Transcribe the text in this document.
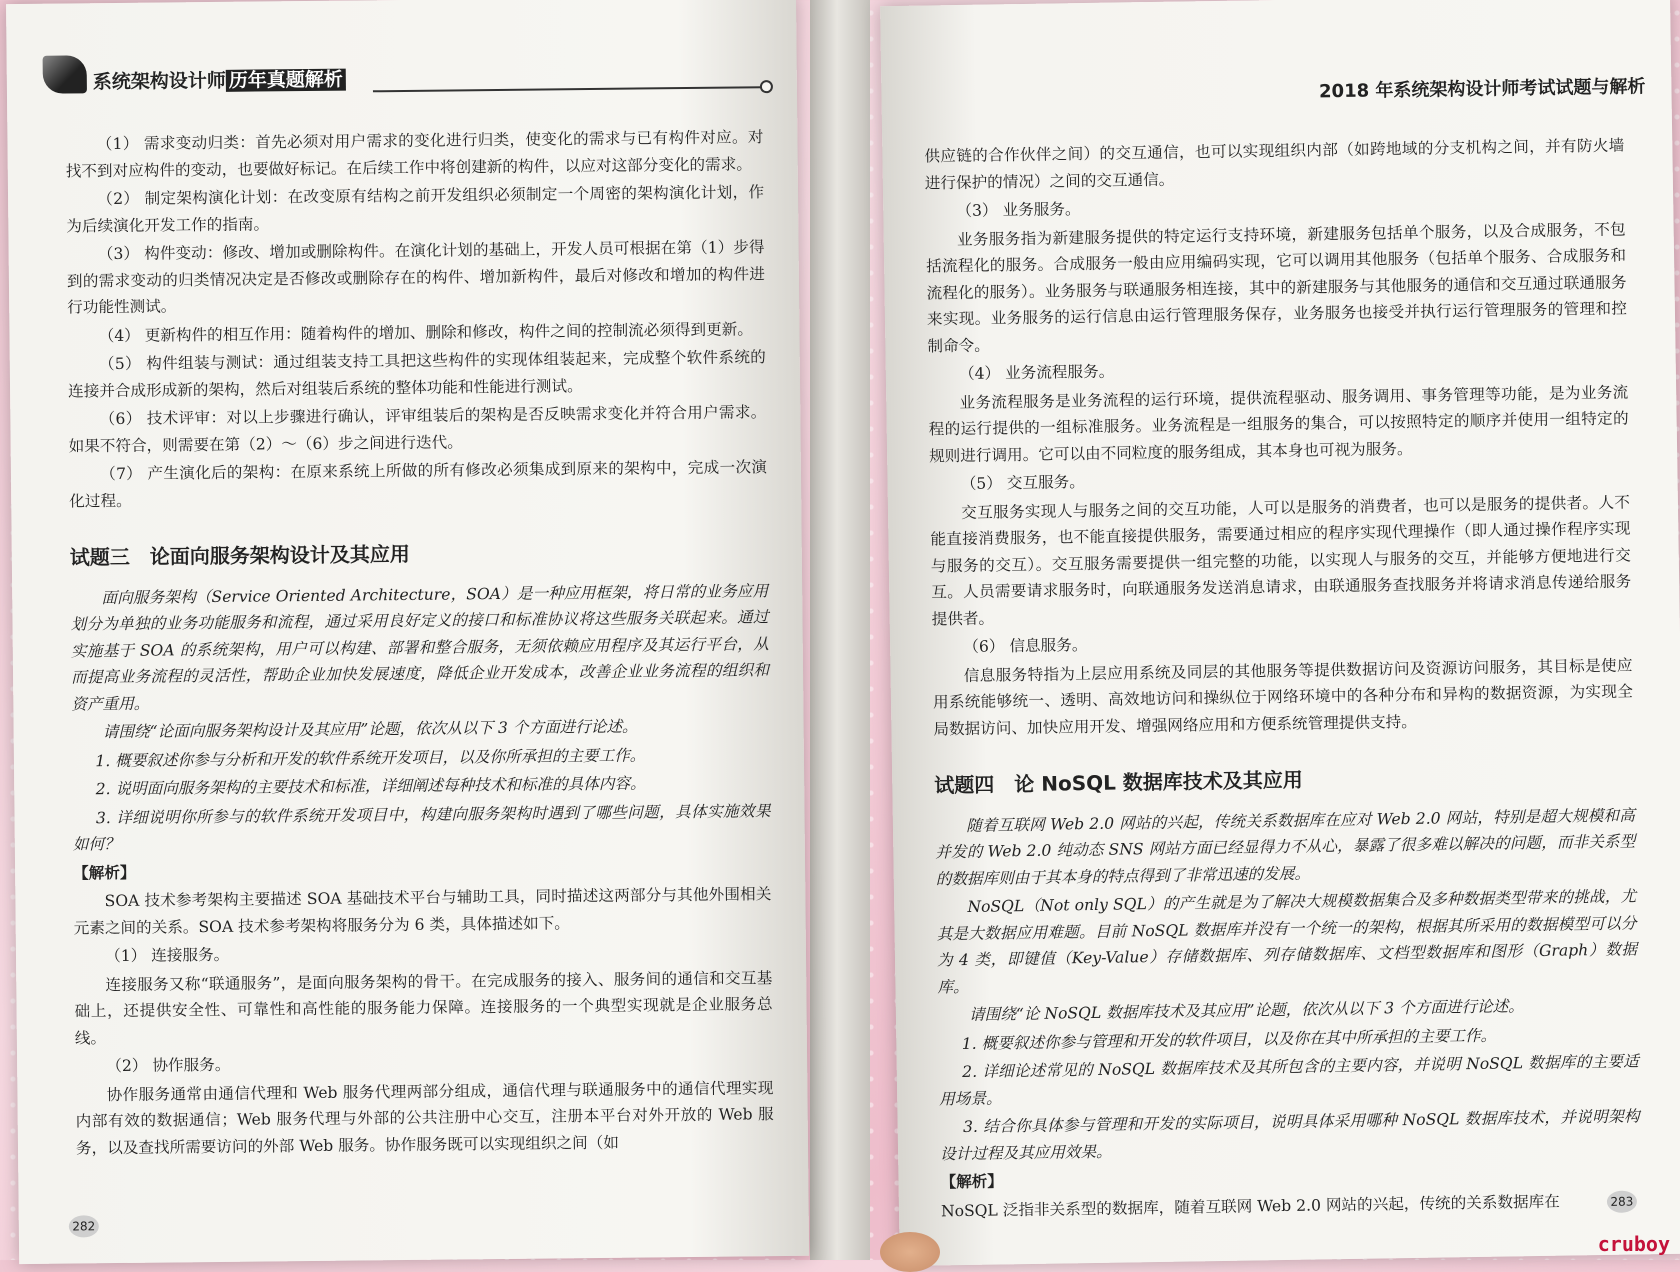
系统架构设计师 历年真题解析

（1） 需求变动归类：首先必须对用户需求的变化进行归类，使变化的需求与已有构件对应。对找不到对应构件的变动，也要做好标记。在后续工作中将创建新的构件，以应对这部分变化的需求。

（2） 制定架构演化计划：在改变原有结构之前开发组织必须制定一个周密的架构演化计划，作为后续演化开发工作的指南。

（3） 构件变动：修改、增加或删除构件。在演化计划的基础上，开发人员可根据在第（1）步得到的需求变动的归类情况决定是否修改或删除存在的构件、增加新构件，最后对修改和增加的构件进行功能性测试。

（4） 更新构件的相互作用：随着构件的增加、删除和修改，构件之间的控制流必须得到更新。

（5） 构件组装与测试：通过组装支持工具把这些构件的实现体组装起来，完成整个软件系统的连接并合成形成新的架构，然后对组装后系统的整体功能和性能进行测试。

（6） 技术评审：对以上步骤进行确认，评审组装后的架构是否反映需求变化并符合用户需求。如果不符合，则需要在第（2）～（6）步之间进行迭代。

（7） 产生演化后的架构：在原来系统上所做的所有修改必须集成到原来的架构中，完成一次演化过程。

试题三　论面向服务架构设计及其应用

面向服务架构（Service Oriented Architecture，SOA）是一种应用框架，将日常的业务应用划分为单独的业务功能服务和流程，通过采用良好定义的接口和标准协议将这些服务关联起来。通过实施基于 SOA 的系统架构，用户可以构建、部署和整合服务，无须依赖应用程序及其运行平台，从而提高业务流程的灵活性，帮助企业加快发展速度，降低企业开发成本，改善企业业务流程的组织和资产重用。

请围绕“论面向服务架构设计及其应用”论题，依次从以下 3 个方面进行论述。

1. 概要叙述你参与分析和开发的软件系统开发项目，以及你所承担的主要工作。

2. 说明面向服务架构的主要技术和标准，详细阐述每种技术和标准的具体内容。

3. 详细说明你所参与的软件系统开发项目中，构建向服务架构时遇到了哪些问题，具体实施效果如何？

【解析】

SOA 技术参考架构主要描述 SOA 基础技术平台与辅助工具，同时描述这两部分与其他外围相关元素之间的关系。SOA 技术参考架构将服务分为 6 类，具体描述如下。

（1） 连接服务。

连接服务又称“联通服务”，是面向服务架构的骨干。在完成服务的接入、服务间的通信和交互基础上，还提供安全性、可靠性和高性能的服务能力保障。连接服务的一个典型实现就是企业服务总线。

（2） 协作服务。

协作服务通常由通信代理和 Web 服务代理两部分组成，通信代理与联通服务中的通信代理实现内部有效的数据通信；Web 服务代理与外部的公共注册中心交互，注册本平台对外开放的 Web 服务，以及查找所需要访问的外部 Web 服务。协作服务既可以实现组织之间（如

282
2018 年系统架构设计师考试试题与解析

供应链的合作伙伴之间）的交互通信，也可以实现组织内部（如跨地域的分支机构之间，并有防火墙进行保护的情况）之间的交互通信。

（3） 业务服务。

业务服务指为新建服务提供的特定运行支持环境，新建服务包括单个服务，以及合成服务，不包括流程化的服务。合成服务一般由应用编码实现，它可以调用其他服务（包括单个服务、合成服务和流程化的服务）。业务服务与联通服务相连接，其中的新建服务与其他服务的通信和交互通过联通服务来实现。业务服务的运行信息由运行管理服务保存，业务服务也接受并执行运行管理服务的管理和控制命令。

（4） 业务流程服务。

业务流程服务是业务流程的运行环境，提供流程驱动、服务调用、事务管理等功能，是为业务流程的运行提供的一组标准服务。业务流程是一组服务的集合，可以按照特定的顺序并使用一组特定的规则进行调用。它可以由不同粒度的服务组成，其本身也可视为服务。

（5） 交互服务。

交互服务实现人与服务之间的交互功能，人可以是服务的消费者，也可以是服务的提供者。人不能直接消费服务，也不能直接提供服务，需要通过相应的程序实现代理操作（即人通过操作程序实现与服务的交互）。交互服务需要提供一组完整的功能，以实现人与服务的交互，并能够方便地进行交互。人员需要请求服务时，向联通服务发送消息请求，由联通服务查找服务并将请求消息传递给服务提供者。

（6） 信息服务。

信息服务特指为上层应用系统及同层的其他服务等提供数据访问及资源访问服务，其目标是使应用系统能够统一、透明、高效地访问和操纵位于网络环境中的各种分布和异构的数据资源，为实现全局数据访问、加快应用开发、增强网络应用和方便系统管理提供支持。

试题四　论 NoSQL 数据库技术及其应用

随着互联网 Web 2.0 网站的兴起，传统关系数据库在应对 Web 2.0 网站，特别是超大规模和高并发的 Web 2.0 纯动态 SNS 网站方面已经显得力不从心，暴露了很多难以解决的问题，而非关系型的数据库则由于其本身的特点得到了非常迅速的发展。

NoSQL（Not only SQL）的产生就是为了解决大规模数据集合及多种数据类型带来的挑战，尤其是大数据应用难题。目前 NoSQL 数据库并没有一个统一的架构，根据其所采用的数据模型可以分为 4 类，即键值（Key-Value）存储数据库、列存储数据库、文档型数据库和图形（Graph）数据库。

请围绕“论 NoSQL 数据库技术及其应用”论题，依次从以下 3 个方面进行论述。

1. 概要叙述你参与管理和开发的软件项目，以及你在其中所承担的主要工作。

2. 详细论述常见的 NoSQL 数据库技术及其所包含的主要内容，并说明 NoSQL 数据库的主要适用场景。

3. 结合你具体参与管理和开发的实际项目，说明具体采用哪种 NoSQL 数据库技术，并说明架构设计过程及其应用效果。

【解析】

NoSQL 泛指非关系型的数据库，随着互联网 Web 2.0 网站的兴起，传统的关系数据库在	283
cruboy
